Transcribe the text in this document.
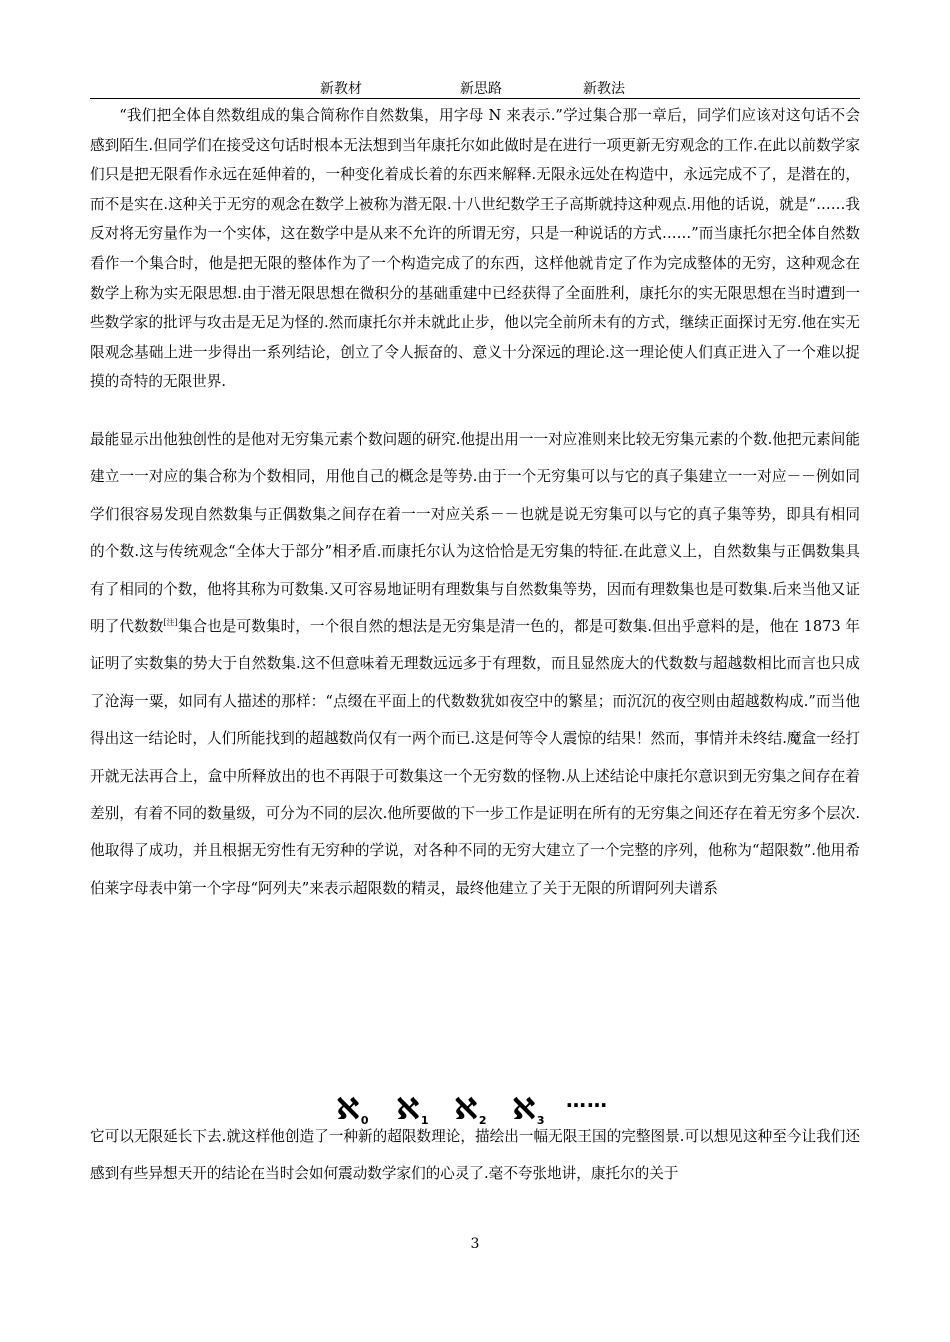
新教材	新思路	新教法

“我们把全体自然数组成的集合简称作自然数集，用字母 N 来表示.”学过集合那一章后，同学们应该对这句话不会感到陌生.但同学们在接受这句话时根本无法想到当年康托尔如此做时是在进行一项更新无穷观念的工作.在此以前数学家们只是把无限看作永远在延伸着的，一种变化着成长着的东西来解释.无限永远处在构造中，永远完成不了，是潜在的，而不是实在.这种关于无穷的观念在数学上被称为潜无限.十八世纪数学王子高斯就持这种观点.用他的话说，就是“……我反对将无穷量作为一个实体，这在数学中是从来不允许的所谓无穷，只是一种说话的方式……”而当康托尔把全体自然数看作一个集合时，他是把无限的整体作为了一个构造完成了的东西，这样他就肯定了作为完成整体的无穷，这种观念在数学上称为实无限思想.由于潜无限思想在微积分的基础重建中已经获得了全面胜利，康托尔的实无限思想在当时遭到一些数学家的批评与攻击是无足为怪的.然而康托尔并未就此止步，他以完全前所未有的方式，继续正面探讨无穷.他在实无限观念基础上进一步得出一系列结论，创立了令人振奋的、意义十分深远的理论.这一理论使人们真正进入了一个难以捉摸的奇特的无限世界.

最能显示出他独创性的是他对无穷集元素个数问题的研究.他提出用一一对应准则来比较无穷集元素的个数.他把元素间能建立一一对应的集合称为个数相同，用他自己的概念是等势.由于一个无穷集可以与它的真子集建立一一对应－－例如同学们很容易发现自然数集与正偶数集之间存在着一一对应关系－－也就是说无穷集可以与它的真子集等势，即具有相同的个数.这与传统观念“全体大于部分”相矛盾.而康托尔认为这恰恰是无穷集的特征.在此意义上，自然数集与正偶数集具有了相同的个数，他将其称为可数集.又可容易地证明有理数集与自然数集等势，因而有理数集也是可数集.后来当他又证明了代数数[注]集合也是可数集时，一个很自然的想法是无穷集是清一色的，都是可数集.但出乎意料的是，他在 1873 年证明了实数集的势大于自然数集.这不但意味着无理数远远多于有理数，而且显然庞大的代数数与超越数相比而言也只成了沧海一粟，如同有人描述的那样：“点缀在平面上的代数数犹如夜空中的繁星；而沉沉的夜空则由超越数构成.”而当他得出这一结论时，人们所能找到的超越数尚仅有一两个而已.这是何等令人震惊的结果！然而，事情并未终结.魔盒一经打开就无法再合上，盒中所释放出的也不再限于可数集这一个无穷数的怪物.从上述结论中康托尔意识到无穷集之间存在着差别，有着不同的数量级，可分为不同的层次.他所要做的下一步工作是证明在所有的无穷集之间还存在着无穷多个层次.他取得了成功，并且根据无穷性有无穷种的学说，对各种不同的无穷大建立了一个完整的序列，他称为“超限数”.他用希伯莱字母表中第一个字母“阿列夫”来表示超限数的精灵，最终他建立了关于无限的所谓阿列夫谱系

ℵ$_0$ ℵ$_1$ ℵ$_2$ ℵ$_3$
……

它可以无限延长下去.就这样他创造了一种新的超限数理论，描绘出一幅无限王国的完整图景.可以想见这种至今让我们还感到有些异想天开的结论在当时会如何震动数学家们的心灵了.毫不夸张地讲，康托尔的关于

3
